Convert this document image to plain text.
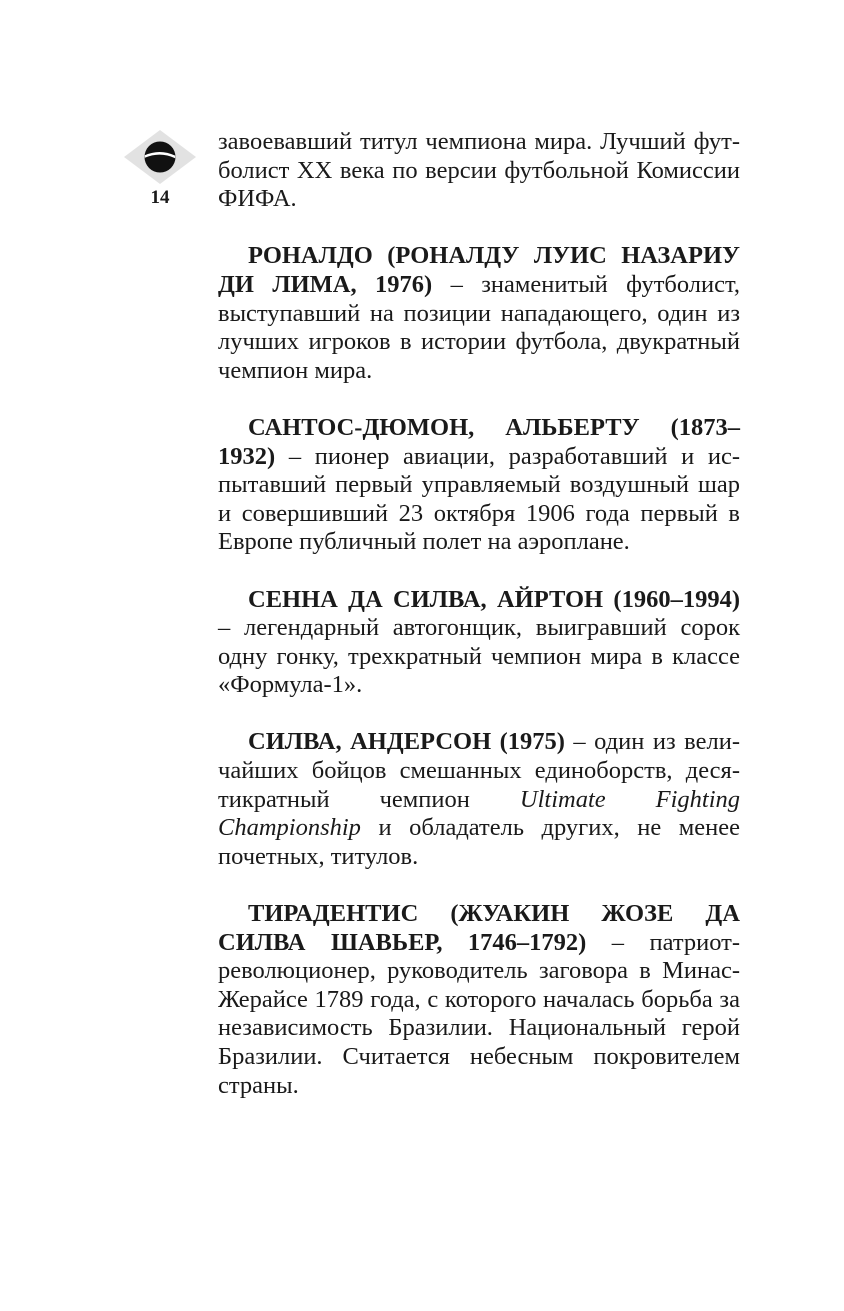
14

завоевавший титул чемпиона мира. Лучший футболист XX века по версии футбольной Комиссии ФИФА.

РОНАЛДО (РОНАЛДУ ЛУИС НАЗАРИУ ДИ ЛИМА, 1976) – знаменитый футболист, выступавший на позиции нападающего, один из лучших игроков в истории футбола, двукратный чемпион мира.

САНТОС-ДЮМОН, АЛЬБЕРТУ (1873–1932) – пионер авиации, разработавший и испытавший первый управляемый воздушный шар и совершивший 23 октября 1906 года первый в Европе публичный полет на аэроплане.

СЕННА ДА СИЛВА, АЙРТОН (1960–1994) – легендарный автогонщик, выигравший сорок одну гонку, трехкратный чемпион мира в классе «Формула-1».

СИЛВА, АНДЕРСОН (1975) – один из величайших бойцов смешанных единоборств, десятикратный чемпион Ultimate Fighting Championship и обладатель других, не менее почетных, титулов.

ТИРАДЕНТИС (ЖУАКИН ЖОЗЕ ДА СИЛВА ШАВЬЕР, 1746–1792) – патриот-революционер, руководитель заговора в Минас-Жерайсе 1789 года, с которого началась борьба за независимость Бразилии. Национальный герой Бразилии. Считается небесным покровителем страны.
